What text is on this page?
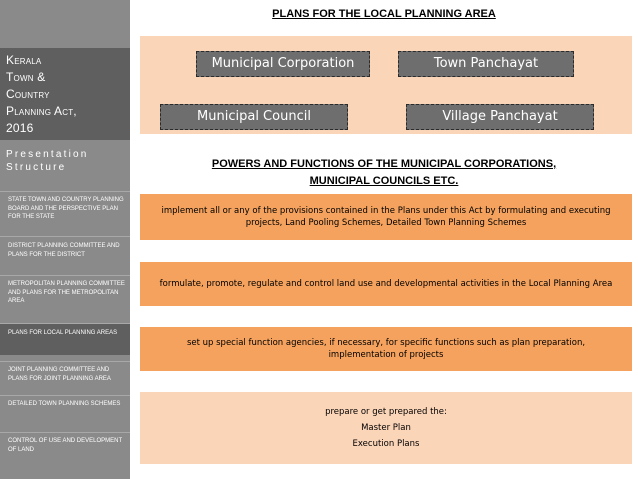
Kerala
Town &
Country
Planning Act,
2016
Presentation
Structure
STATE TOWN AND COUNTRY PLANNING BOARD AND THE PERSPECTIVE PLAN FOR THE STATE
DISTRICT PLANNING COMMITTEE AND PLANS FOR THE DISTRICT
METROPOLITAN PLANNING COMMITTEE AND PLANS FOR THE METROPOLITAN AREA
PLANS FOR LOCAL PLANNING AREAS
JOINT PLANNING COMMITTEE AND PLANS FOR JOINT PLANNING AREA
DETAILED TOWN PLANNING SCHEMES
CONTROL OF USE AND DEVELOPMENT OF LAND
PLANS FOR THE LOCAL PLANNING AREA
Municipal Corporation	Town Panchayat
Municipal Council	Village Panchayat
POWERS AND FUNCTIONS OF THE MUNICIPAL CORPORATIONS,
MUNICIPAL COUNCILS ETC.
implement all or any of the provisions contained in the Plans under this Act by formulating and executing
projects, Land Pooling Schemes, Detailed Town Planning Schemes
formulate, promote, regulate and control land use and developmental activities in the Local Planning Area
set up special function agencies, if necessary, for specific functions such as plan preparation,
implementation of projects
prepare or get prepared the:
Master Plan
Execution Plans
